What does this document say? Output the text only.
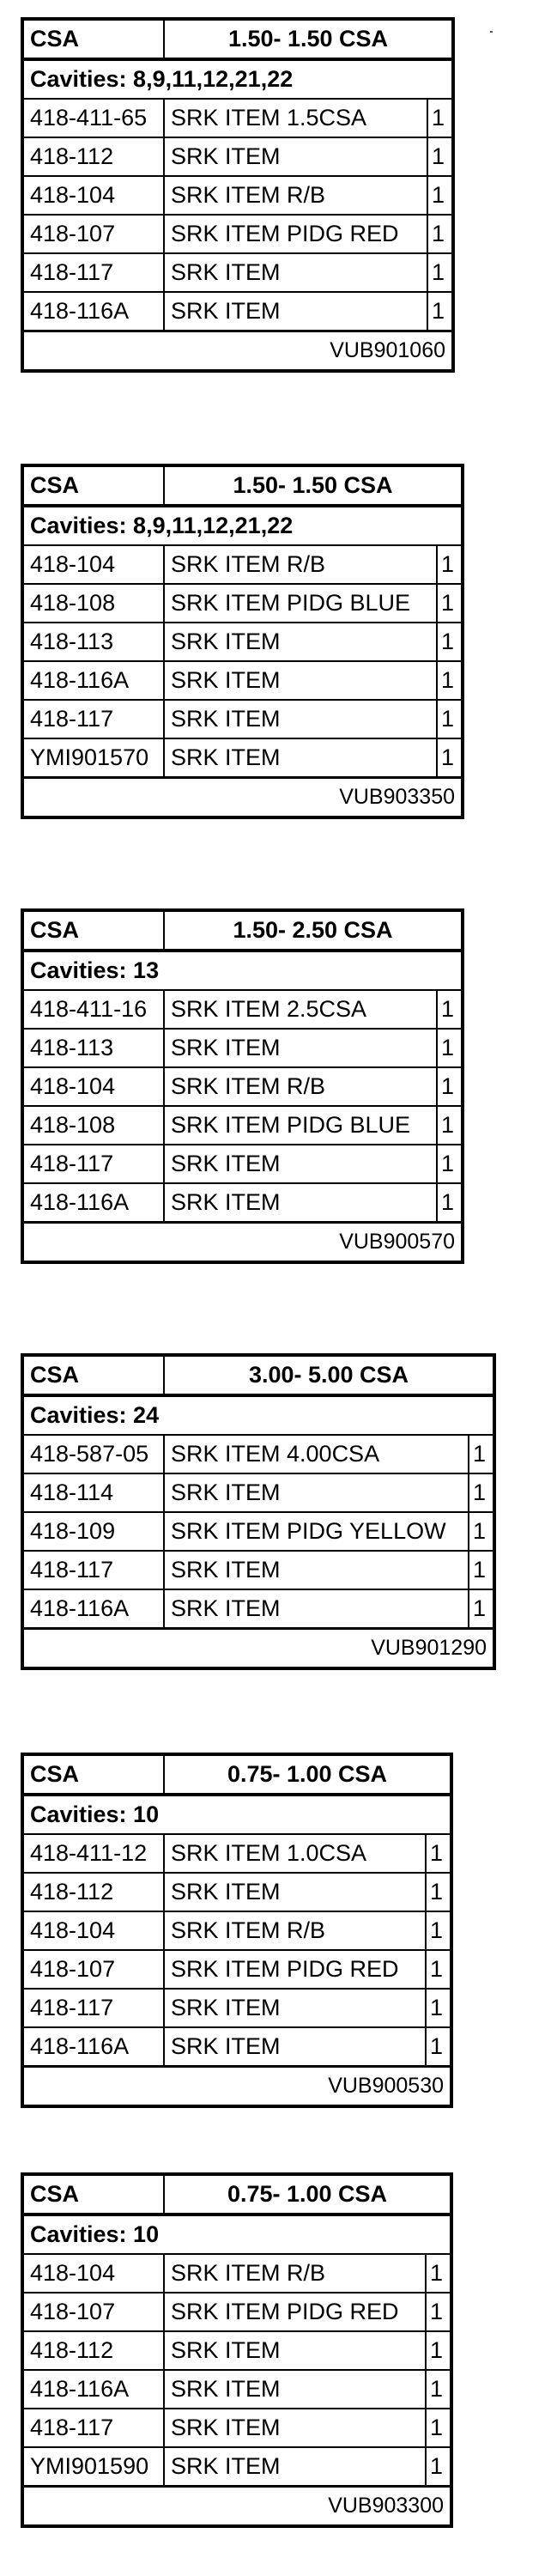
CSA	1.50- 1.50 CSA	
Cavities: 8,9,11,12,21,22		
418-411-65	SRK ITEM 1.5CSA	1
418-112	SRK ITEM	1
418-104	SRK ITEM R/B	1
418-107	SRK ITEM PIDG RED	1
418-117	SRK ITEM	1
418-116A	SRK ITEM	1
VUB901060		
CSA	1.50- 1.50 CSA	
Cavities: 8,9,11,12,21,22		
418-104	SRK ITEM R/B	1
418-108	SRK ITEM PIDG BLUE	1
418-113	SRK ITEM	1
418-116A	SRK ITEM	1
418-117	SRK ITEM	1
YMI901570	SRK ITEM	1
VUB903350		
CSA	1.50- 2.50 CSA	
Cavities: 13		
418-411-16	SRK ITEM 2.5CSA	1
418-113	SRK ITEM	1
418-104	SRK ITEM R/B	1
418-108	SRK ITEM PIDG BLUE	1
418-117	SRK ITEM	1
418-116A	SRK ITEM	1
VUB900570		
CSA	3.00- 5.00 CSA	
Cavities: 24		
418-587-05	SRK ITEM 4.00CSA	1
418-114	SRK ITEM	1
418-109	SRK ITEM PIDG YELLOW	1
418-117	SRK ITEM	1
418-116A	SRK ITEM	1
VUB901290		
CSA	0.75- 1.00 CSA	
Cavities: 10		
418-411-12	SRK ITEM 1.0CSA	1
418-112	SRK ITEM	1
418-104	SRK ITEM R/B	1
418-107	SRK ITEM PIDG RED	1
418-117	SRK ITEM	1
418-116A	SRK ITEM	1
VUB900530		
CSA	0.75- 1.00 CSA	
Cavities: 10		
418-104	SRK ITEM R/B	1
418-107	SRK ITEM PIDG RED	1
418-112	SRK ITEM	1
418-116A	SRK ITEM	1
418-117	SRK ITEM	1
YMI901590	SRK ITEM	1
VUB903300		
